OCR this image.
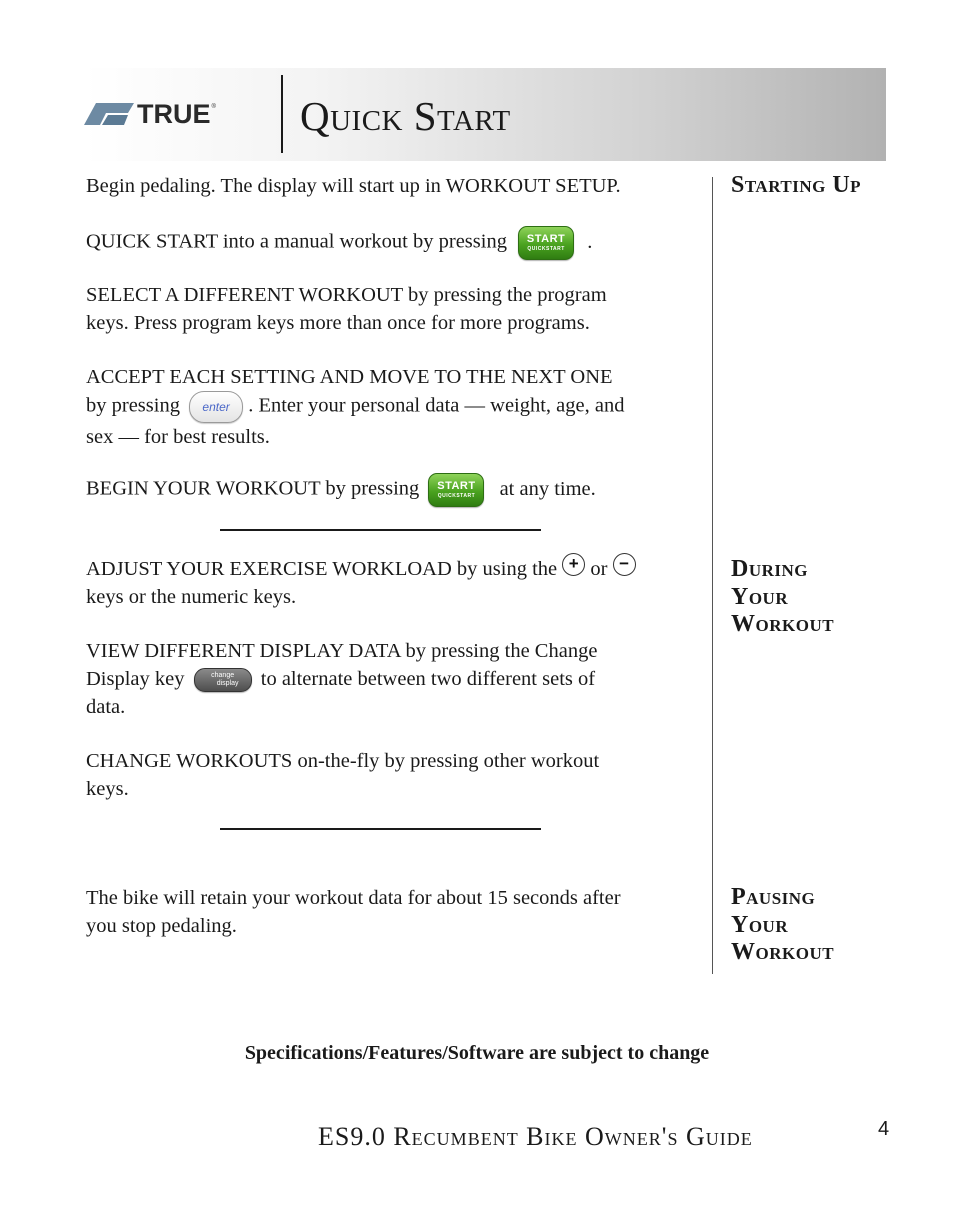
TRUE ® Quick Start
Starting Up
During
Your
Workout
Pausing
Your
Workout

Begin pedaling. The display will start up in WORKOUT SETUP.

QUICK START into a manual workout by pressing	START
QUICKSTART	.

SELECT A DIFFERENT WORKOUT by pressing the program
keys. Press program keys more than once for more programs.

ACCEPT EACH SETTING AND MOVE TO THE NEXT ONE
by pressing enter . Enter your personal data — weight, age, and
sex — for best results.

BEGIN YOUR WORKOUT by pressing	START
QUICKSTART	at any time.

ADJUST YOUR EXERCISE WORKLOAD by using the + or −
keys or the numeric keys.

VIEW DIFFERENT DISPLAY DATA by pressing the Change
Display key	change
display	to alternate between two different sets of
data.

CHANGE WORKOUTS on-the-fly by pressing other workout
keys.

The bike will retain your workout data for about 15 seconds after
you stop pedaling.

Specifications/Features/Software are subject to change

ES9.0 Recumbent Bike Owner's Guide	4
